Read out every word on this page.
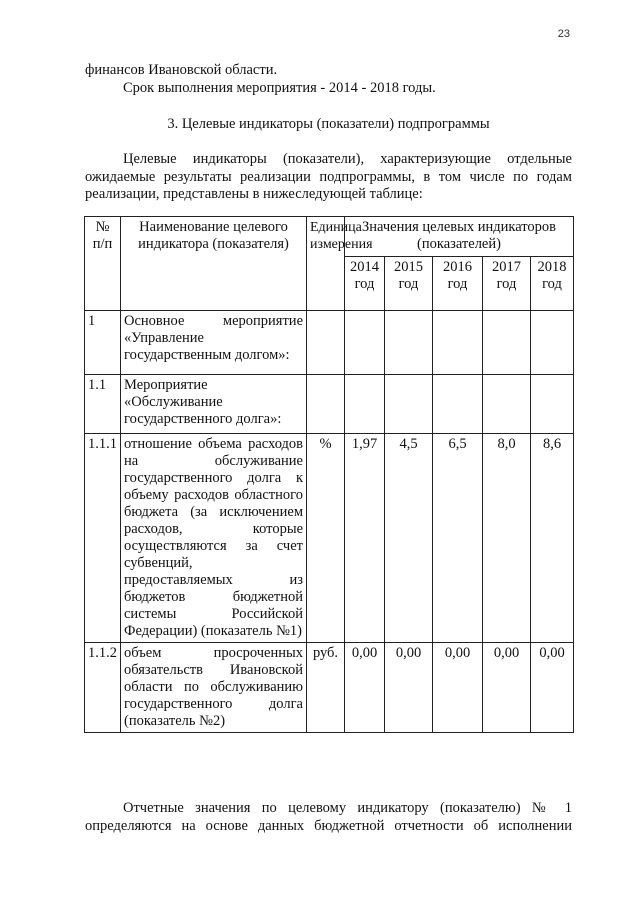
23
финансов Ивановской области.
Срок выполнения мероприятия - 2014 - 2018 годы.
3. Целевые индикаторы (показатели) подпрограммы
Целевые индикаторы (показатели), характеризующие отдельные
ожидаемые результаты реализации подпрограммы, в том числе по годам
реализации, представлены в нижеследующей таблице:
№ п/п	Наименование целевого индикатора (показателя)	Единица измерения	Значения целевых индикаторов (показателей)				
			2014 год	2015 год	2016 год	2017 год	2018 год
1	Основное мероприятие «Управление государственным долгом»:						
1.1	Мероприятие «Обслуживание государственного долга»:						
1.1.1	отношение объема расходов на обслуживание государственного долга к объему расходов областного бюджета (за исключением расходов, которые осуществляются за счет субвенций, предоставляемых из бюджетов бюджетной системы Российской Федерации) (показатель №1)	%	1,97	4,5	6,5	8,0	8,6
1.1.2	объем просроченных обязательств Ивановской области по обслуживанию государственного долга (показатель №2)	руб.	0,00	0,00	0,00	0,00	0,00
Отчетные значения по целевому индикатору (показателю) № 1
определяются на основе данных бюджетной отчетности об исполнении
